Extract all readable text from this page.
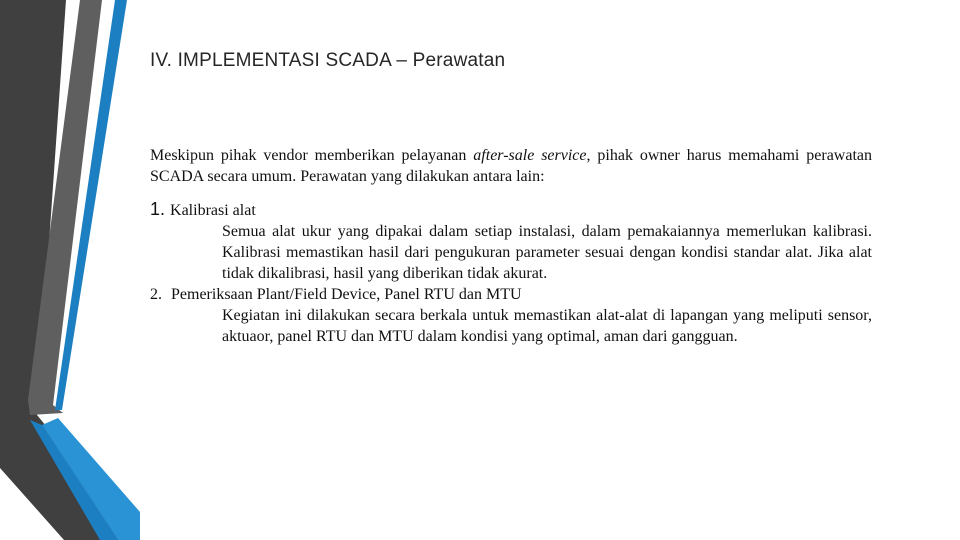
IV. IMPLEMENTASI SCADA – Perawatan

Meskipun pihak vendor memberikan pelayanan after-sale service, pihak owner harus memahami perawatan SCADA secara umum. Perawatan yang dilakukan antara lain:

1. Kalibrasi alat

Semua alat ukur yang dipakai dalam setiap instalasi, dalam pemakaiannya memerlukan kalibrasi. Kalibrasi memastikan hasil dari pengukuran parameter sesuai dengan kondisi standar alat. Jika alat tidak dikalibrasi, hasil yang diberikan tidak akurat.

2. Pemeriksaan Plant/Field Device, Panel RTU dan MTU

Kegiatan ini dilakukan secara berkala untuk memastikan alat-alat di lapangan yang meliputi sensor, aktuaor, panel RTU dan MTU dalam kondisi yang optimal, aman dari gangguan.
